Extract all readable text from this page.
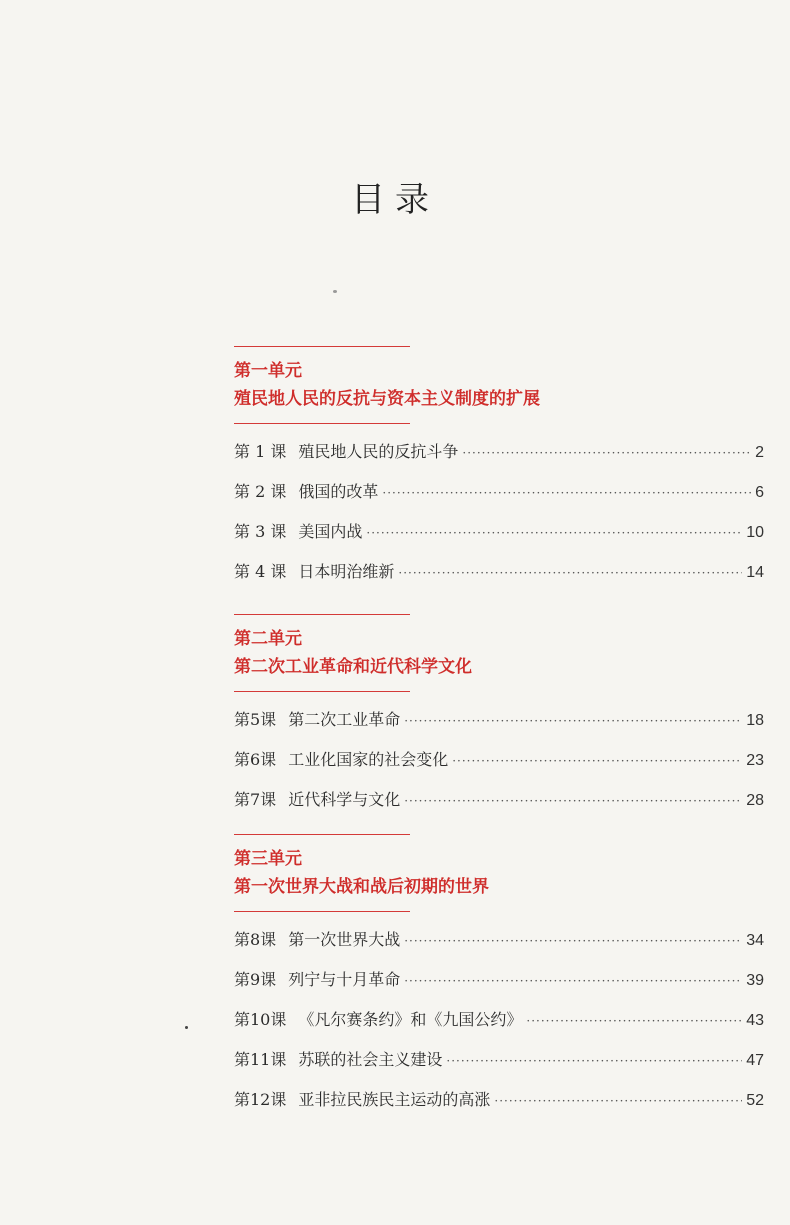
目录
第一单元
殖民地人民的反抗与资本主义制度的扩展
第 1 课 殖民地人民的反抗斗争 ·····	2
第 2 课 俄国的改革 ·····	6
第 3 课 美国内战 ·····	10
第 4 课 日本明治维新 ·····	14
第二单元
第二次工业革命和近代科学文化
第5课 第二次工业革命 ·····	18
第6课 工业化国家的社会变化 ·····	23
第7课 近代科学与文化 ·····	28
第三单元
第一次世界大战和战后初期的世界
第8课 第一次世界大战 ·····	34
第9课 列宁与十月革命 ·····	39
第10课 《凡尔赛条约》和《九国公约》 ·····	43
第11课 苏联的社会主义建设 ·····	47
第12课 亚非拉民族民主运动的高涨 ·····	52
